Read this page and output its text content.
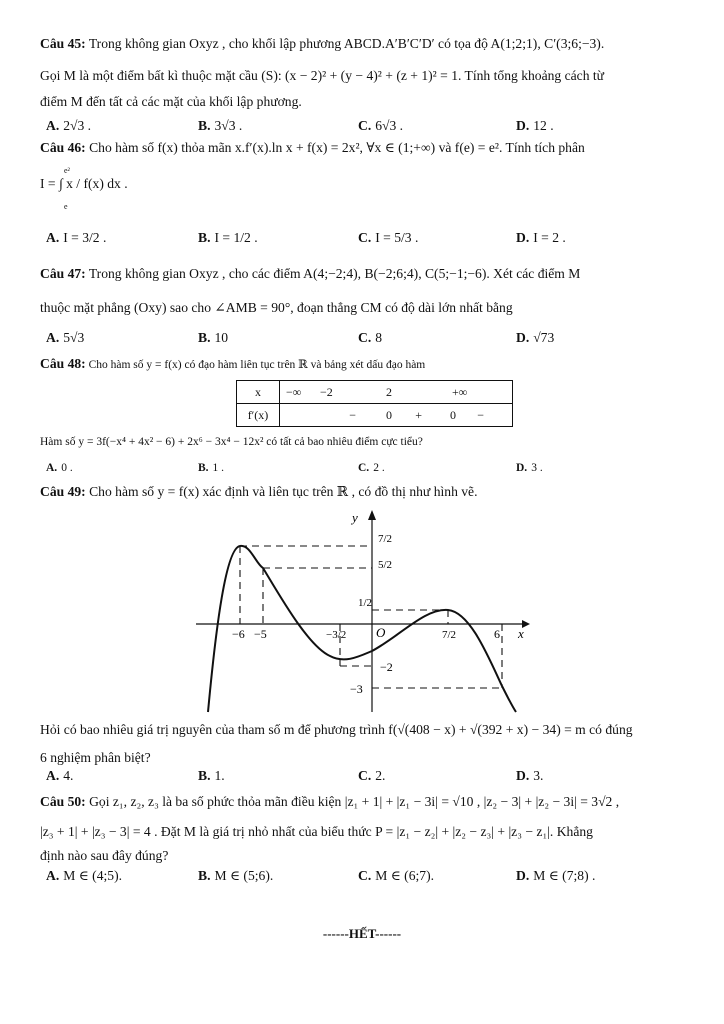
Câu 45: Trong không gian Oxyz , cho khối lập phương ABCD.A′B′C′D′ có tọa độ A(1;2;1), C′(3;6;−3).
Gọi M là một điểm bất kì thuộc mặt cầu (S): (x − 2)² + (y − 4)² + (z + 1)² = 1. Tính tổng khoảng cách từ
điểm M đến tất cả các mặt của khối lập phương.
A. 2√3 .	B. 3√3 .	C. 6√3 .	D. 12 .
Câu 46: Cho hàm số f(x) thỏa mãn x.f′(x).ln x + f(x) = 2x², ∀x ∈ (1;+∞) và f(e) = e². Tính tích phân
e²
I = ∫ x / f(x) dx .
e
A. I = 3/2 .	B. I = 1/2 .	C. I = 5/3 .	D. I = 2 .
Câu 47: Trong không gian Oxyz , cho các điểm A(4;−2;4), B(−2;6;4), C(5;−1;−6). Xét các điểm M
thuộc mặt phẳng (Oxy) sao cho ∠AMB = 90°, đoạn thẳng CM có độ dài lớn nhất bằng
A. 5√3	B. 10	C. 8	D. √73
Câu 48: Cho hàm số y = f(x) có đạo hàm liên tục trên ℝ và bảng xét dấu đạo hàm
x	−∞ −2 2 +∞
f′(x)	− 0 + 0 −
Hàm số y = 3f(−x⁴ + 4x² − 6) + 2x⁶ − 3x⁴ − 12x² có tất cả bao nhiêu điểm cực tiểu?
A. 0 .	B. 1 .	C. 2 .	D. 3 .
Câu 49: Cho hàm số y = f(x) xác định và liên tục trên ℝ , có đồ thị như hình vẽ.
y
x
O
−6 −5	−3/2	7/2	6
7/2
5/2
1/2
−2
−3
Hỏi có bao nhiêu giá trị nguyên của tham số m để phương trình f(√(408 − x) + √(392 + x) − 34) = m có đúng
6 nghiệm phân biệt?
A. 4.	B. 1.	C. 2.	D. 3.
Câu 50: Gọi z₁, z₂, z₃ là ba số phức thỏa mãn điều kiện |z₁ + 1| + |z₁ − 3i| = √10 , |z₂ − 3| + |z₂ − 3i| = 3√2 ,
|z₃ + 1| + |z₃ − 3| = 4 . Đặt M là giá trị nhỏ nhất của biểu thức P = |z₁ − z₂| + |z₂ − z₃| + |z₃ − z₁|. Khẳng
định nào sau đây đúng?
A. M ∈ (4;5).	B. M ∈ (5;6).	C. M ∈ (6;7).	D. M ∈ (7;8) .
------HẾT------
